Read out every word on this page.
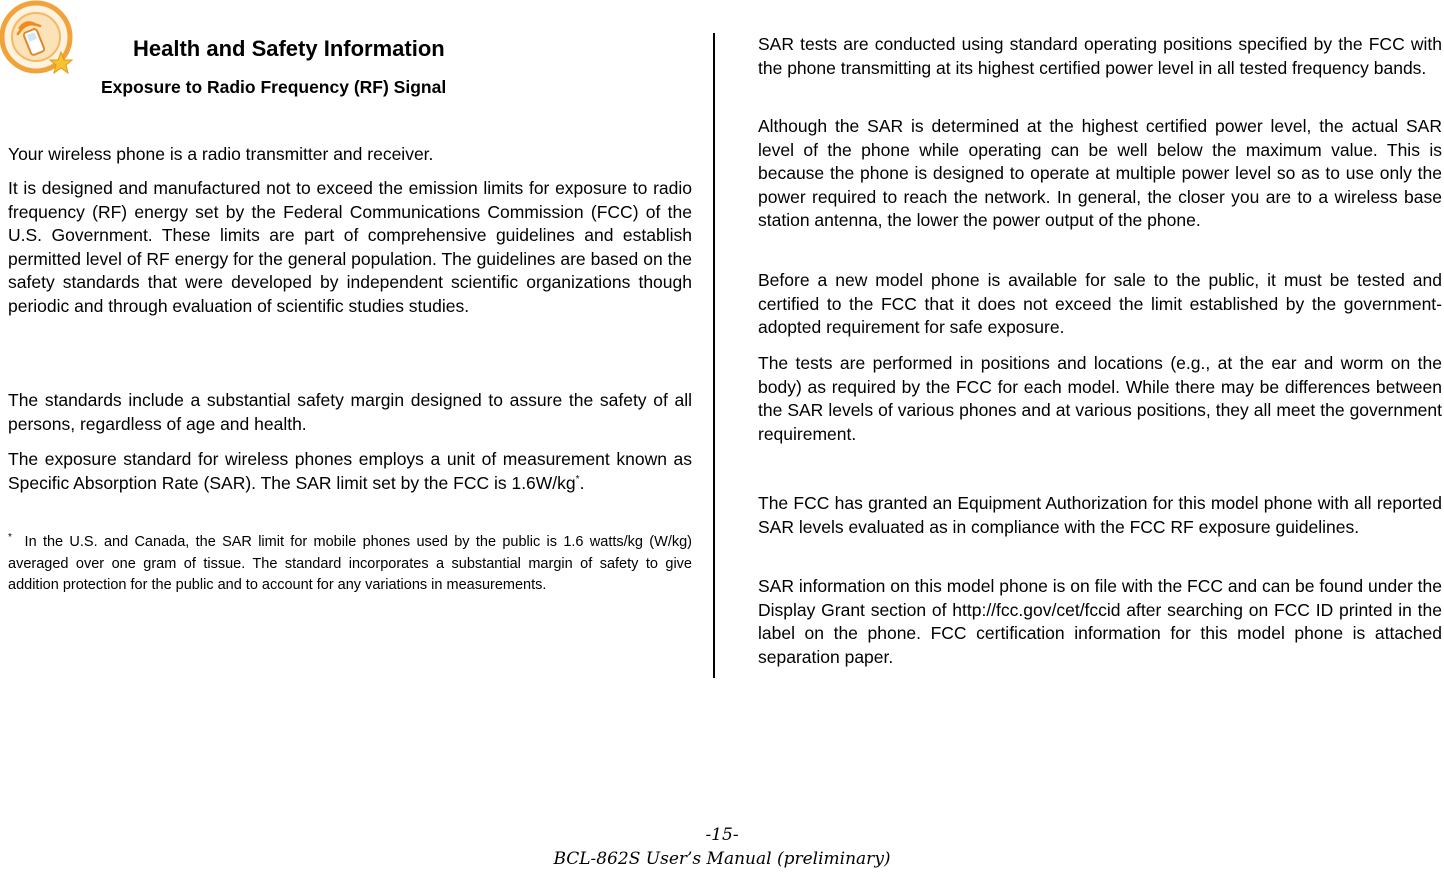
Health and Safety Information
Exposure to Radio Frequency (RF) Signal

Your wireless phone is a radio transmitter and receiver.

It is designed and manufactured not to exceed the emission limits for exposure to radio frequency (RF) energy set by the Federal Communications Commission (FCC) of the U.S. Government. These limits are part of comprehensive guidelines and establish permitted level of RF energy for the general population. The guidelines are based on the safety standards that were developed by independent scientific organizations though periodic and through evaluation of scientific studies studies.

The standards include a substantial safety margin designed to assure the safety of all persons, regardless of age and health.

The exposure standard for wireless phones employs a unit of measurement known as Specific Absorption Rate (SAR). The SAR limit set by the FCC is 1.6W/kg*.

* In the U.S. and Canada, the SAR limit for mobile phones used by the public is 1.6 watts/kg (W/kg) averaged over one gram of tissue. The standard incorporates a substantial margin of safety to give addition protection for the public and to account for any variations in measurements.

SAR tests are conducted using standard operating positions specified by the FCC with the phone transmitting at its highest certified power level in all tested frequency bands.

Although the SAR is determined at the highest certified power level, the actual SAR level of the phone while operating can be well below the maximum value. This is because the phone is designed to operate at multiple power level so as to use only the power required to reach the network. In general, the closer you are to a wireless base station antenna, the lower the power output of the phone.

Before a new model phone is available for sale to the public, it must be tested and certified to the FCC that it does not exceed the limit established by the government-adopted requirement for safe exposure.

The tests are performed in positions and locations (e.g., at the ear and worm on the body) as required by the FCC for each model. While there may be differences between the SAR levels of various phones and at various positions, they all meet the government requirement.

The FCC has granted an Equipment Authorization for this model phone with all reported SAR levels evaluated as in compliance with the FCC RF exposure guidelines.

SAR information on this model phone is on file with the FCC and can be found under the Display Grant section of http://fcc.gov/cet/fccid after searching on FCC ID printed in the label on the phone. FCC certification information for this model phone is attached separation paper.

-15-
BCL-862S User’s Manual (preliminary)
